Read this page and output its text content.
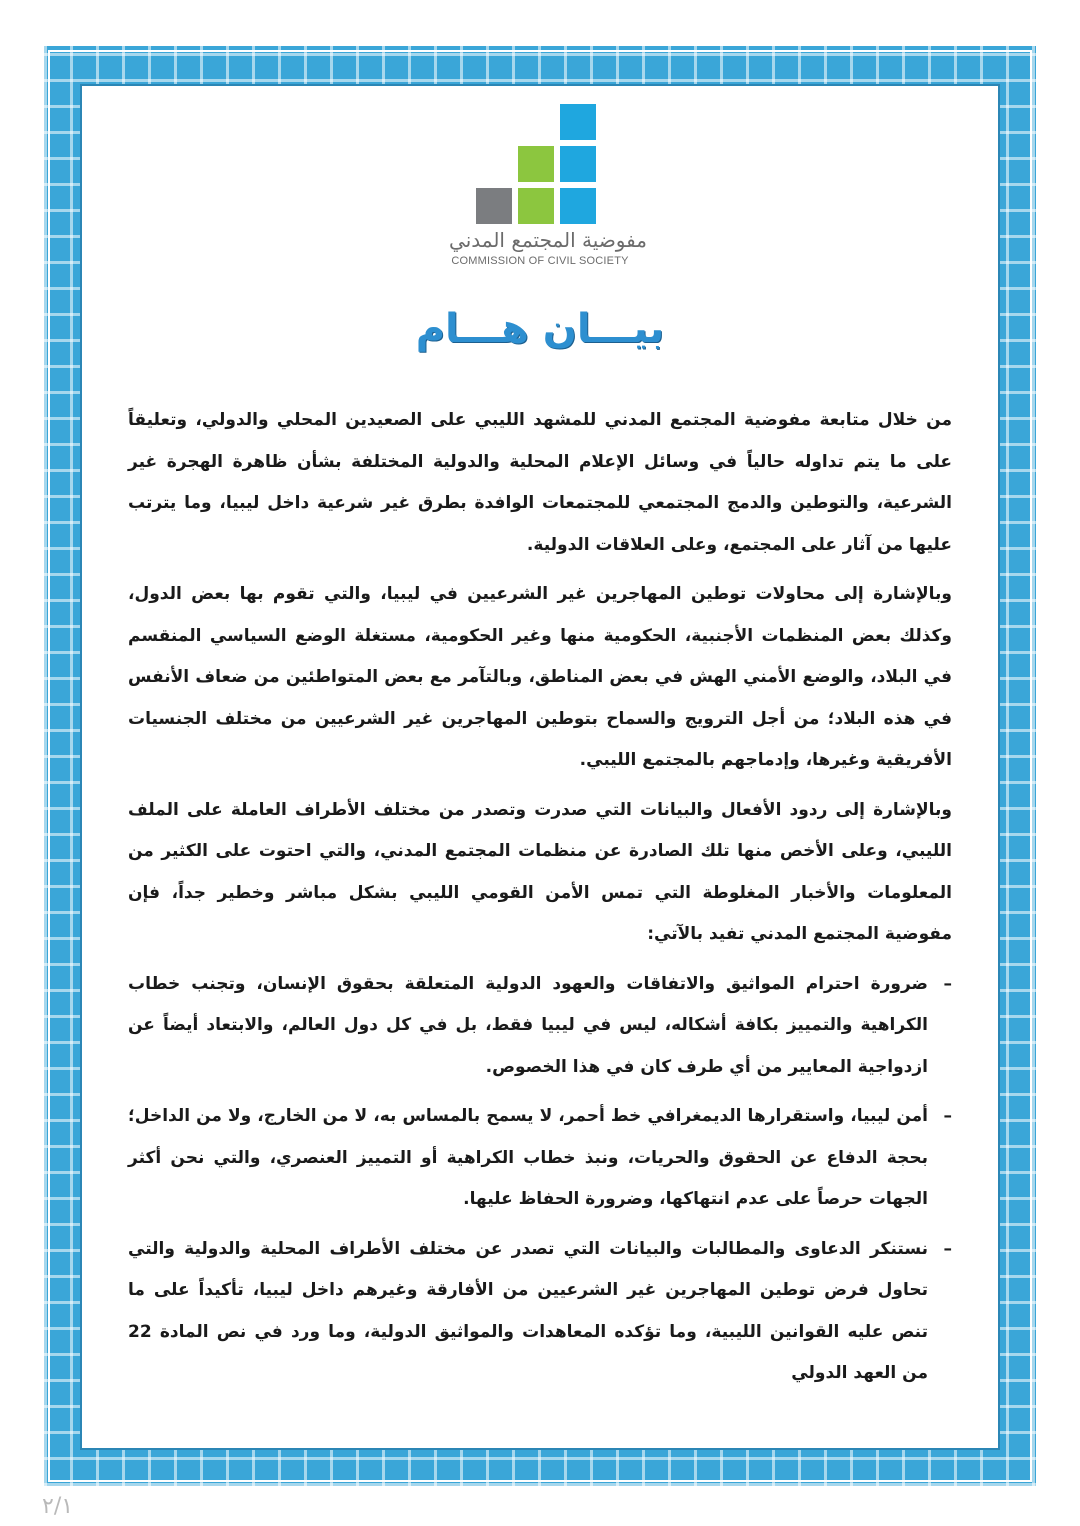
مفوضية المجتمع المدني
COMMISSION OF CIVIL SOCIETY
بيـــان هـــام

من خلال متابعة مفوضية المجتمع المدني للمشهد الليبي على الصعيدين المحلي والدولي، وتعليقاً على ما يتم تداوله حالياً في وسائل الإعلام المحلية والدولية المختلفة بشأن ظاهرة الهجرة غير الشرعية، والتوطين والدمج المجتمعي للمجتمعات الوافدة بطرق غير شرعية داخل ليبيا، وما يترتب عليها من آثار على المجتمع، وعلى العلاقات الدولية.

وبالإشارة إلى محاولات توطين المهاجرين غير الشرعيين في ليبيا، والتي تقوم بها بعض الدول، وكذلك بعض المنظمات الأجنبية، الحكومية منها وغير الحكومية، مستغلة الوضع السياسي المنقسم في البلاد، والوضع الأمني الهش في بعض المناطق، وبالتآمر مع بعض المتواطئين من ضعاف الأنفس في هذه البلاد؛ من أجل الترويج والسماح بتوطين المهاجرين غير الشرعيين من مختلف الجنسيات الأفريقية وغيرها، وإدماجهم بالمجتمع الليبي.

وبالإشارة إلى ردود الأفعال والبيانات التي صدرت وتصدر من مختلف الأطراف العاملة على الملف الليبي، وعلى الأخص منها تلك الصادرة عن منظمات المجتمع المدني، والتي احتوت على الكثير من المعلومات والأخبار المغلوطة التي تمس الأمن القومي الليبي بشكل مباشر وخطير جداً، فإن مفوضية المجتمع المدني تفيد بالآتي:

–
ضرورة احترام المواثيق والاتفاقات والعهود الدولية المتعلقة بحقوق الإنسان، وتجنب خطاب الكراهية والتمييز بكافة أشكاله، ليس في ليبيا فقط، بل في كل دول العالم، والابتعاد أيضاً عن ازدواجية المعايير من أي طرف كان في هذا الخصوص.

–
أمن ليبيا، واستقرارها الديمغرافي خط أحمر، لا يسمح بالمساس به، لا من الخارج، ولا من الداخل؛ بحجة الدفاع عن الحقوق والحريات، ونبذ خطاب الكراهية أو التمييز العنصري، والتي نحن أكثر الجهات حرصاً على عدم انتهاكها، وضرورة الحفاظ عليها.

–
نستنكر الدعاوى والمطالبات والبيانات التي تصدر عن مختلف الأطراف المحلية والدولية والتي تحاول فرض توطين المهاجرين غير الشرعيين من الأفارقة وغيرهم داخل ليبيا، تأكيداً على ما تنص عليه القوانين الليبية، وما تؤكده المعاهدات والمواثيق الدولية، وما ورد في نص المادة 22 من العهد الدولي

٢/١
